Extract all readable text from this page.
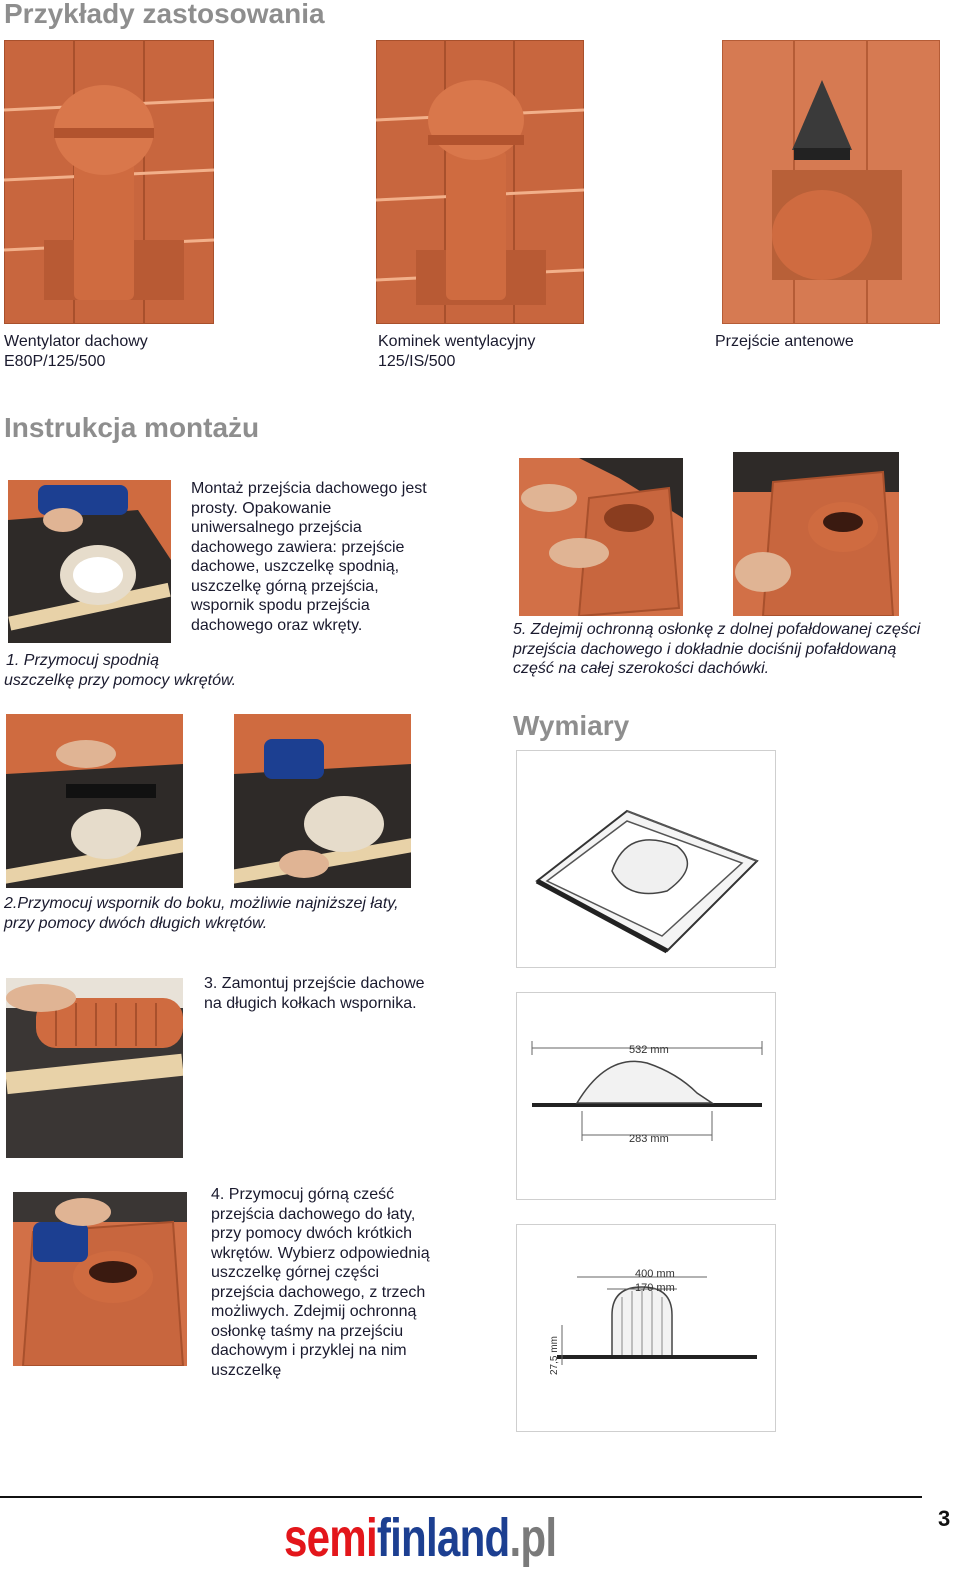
Przykłady zastosowania
Wentylator dachowy
E80P/125/500
Kominek wentylacyjny
125/IS/500
Przejście antenowe
Instrukcja montażu
Montaż przejścia dachowego jest
prosty. Opakowanie
uniwersalnego przejścia
dachowego zawiera: przejście
dachowe, uszczelkę spodnią,
uszczelkę górną przejścia,
wspornik spodu przejścia
dachowego oraz wkręty.
1. Przymocuj spodnią
uszczelkę przy pomocy wkrętów.
5. Zdejmij ochronną osłonkę z dolnej pofałdowanej części
przejścia dachowego i dokładnie dociśnij pofałdowaną
część na całej szerokości dachówki.
Wymiary
2.Przymocuj wspornik do boku, możliwie najniższej łaty,
przy pomocy dwóch długich wkrętów.
3. Zamontuj przejście dachowe
na długich kołkach wspornika.
4. Przymocuj górną cześć
przejścia dachowego do łaty,
przy pomocy dwóch krótkich
wkrętów. Wybierz odpowiednią
uszczelkę górnej części
przejścia dachowego, z trzech
możliwych. Zdejmij ochronną
osłonkę taśmy na przejściu
dachowym i przyklej na nim
uszczelkę
532 mm
283 mm
400 mm
170 mm
27,5 mm
3
semifinland.pl
